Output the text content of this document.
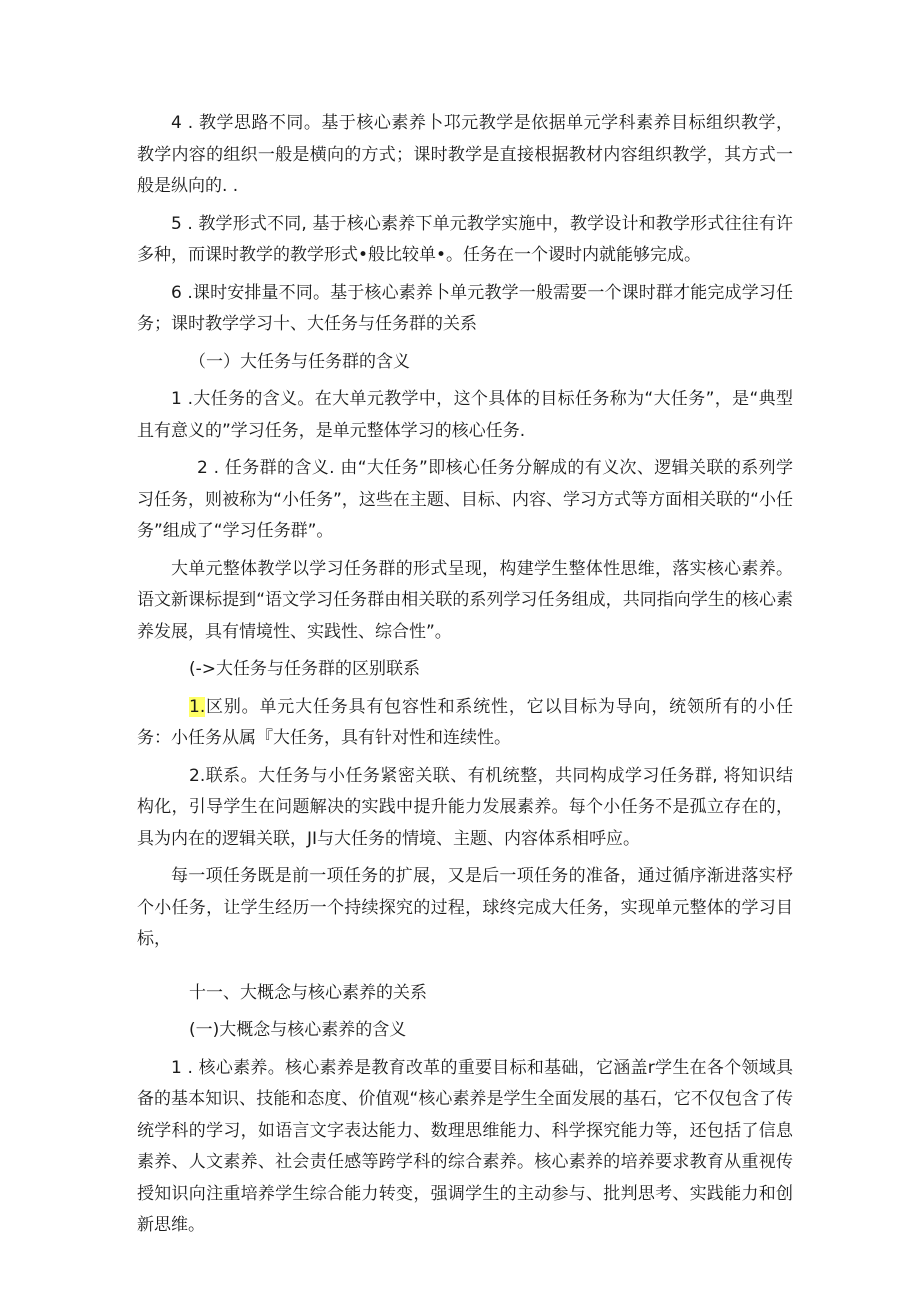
4 . 教学思路不同。基于核心素养卜邛元教学是依据单元学科素养目标组织教学，教学内容的组织一般是横向的方式；课时教学是直接根据教材内容组织教学，其方式一般是纵向的. .

5 . 教学形式不同, 基于核心素养下单元教学实施中，教学设计和教学形式往往有许多种，而课时教学的教学形式•般比较单•。任务在一个谡时内就能够完成。

6 .课时安排量不同。基于核心素养卜单元教学一般需要一个课时群才能完成学习任务；课时教学学习十、大任务与任务群的关系

（一）大任务与任务群的含义

1 .大任务的含义。在大单元教学中，这个具体的目标任务称为“大任务”，是“典型且有意义的”学习任务，是单元整体学习的核心任务.

2 . 任务群的含义. 由“大任务”即核心任务分解成的有义次、逻辑关联的系列学习任务，则被称为“小任务”，这些在主题、目标、内容、学习方式等方面相关联的“小任务”组成了“学习任务群”。

大单元整体教学以学习任务群的形式呈现，构建学生整体性思维，落实核心素养。语文新课标提到“语文学习任务群由相关联的系列学习任务组成，共同指向学生的核心素养发展，具有情境性、实践性、综合性”。

(->大任务与任务群的区别联系

1.区别。单元大任务具有包容性和系统性，它以目标为导向，统领所有的小任务：小任务从属『大任务，具有针对性和连续性。

2.联系。大任务与小任务紧密关联、有机统整，共同构成学习任务群, 将知识结构化，引导学生在问题解决的实践中提升能力发展素养。每个小任务不是孤立存在的，具为内在的逻辑关联，JI与大任务的情境、主题、内容体系相呼应。

每一项任务既是前一项任务的扩展，又是后一项任务的准备，通过循序渐进落实杼个小任务，让学生经历一个持续探究的过程，球终完成大任务，实现单元整体的学习目标，

十一、大概念与核心素养的关系

(一)大概念与核心素养的含义

1 . 核心素养。核心素养是教育改革的重要目标和基础，它涵盖r学生在各个领域具备的基本知识、技能和态度、价值观“核心素养是学生全面发展的基石，它不仅包含了传统学科的学习，如语言文字表达能力、数理思维能力、科学探究能力等，还包括了信息素养、人文素养、社会责任感等跨学科的综合素养。核心素养的培养要求教育从重视传授知识向注重培养学生综合能力转变，强调学生的主动参与、批判思考、实践能力和创新思维。
